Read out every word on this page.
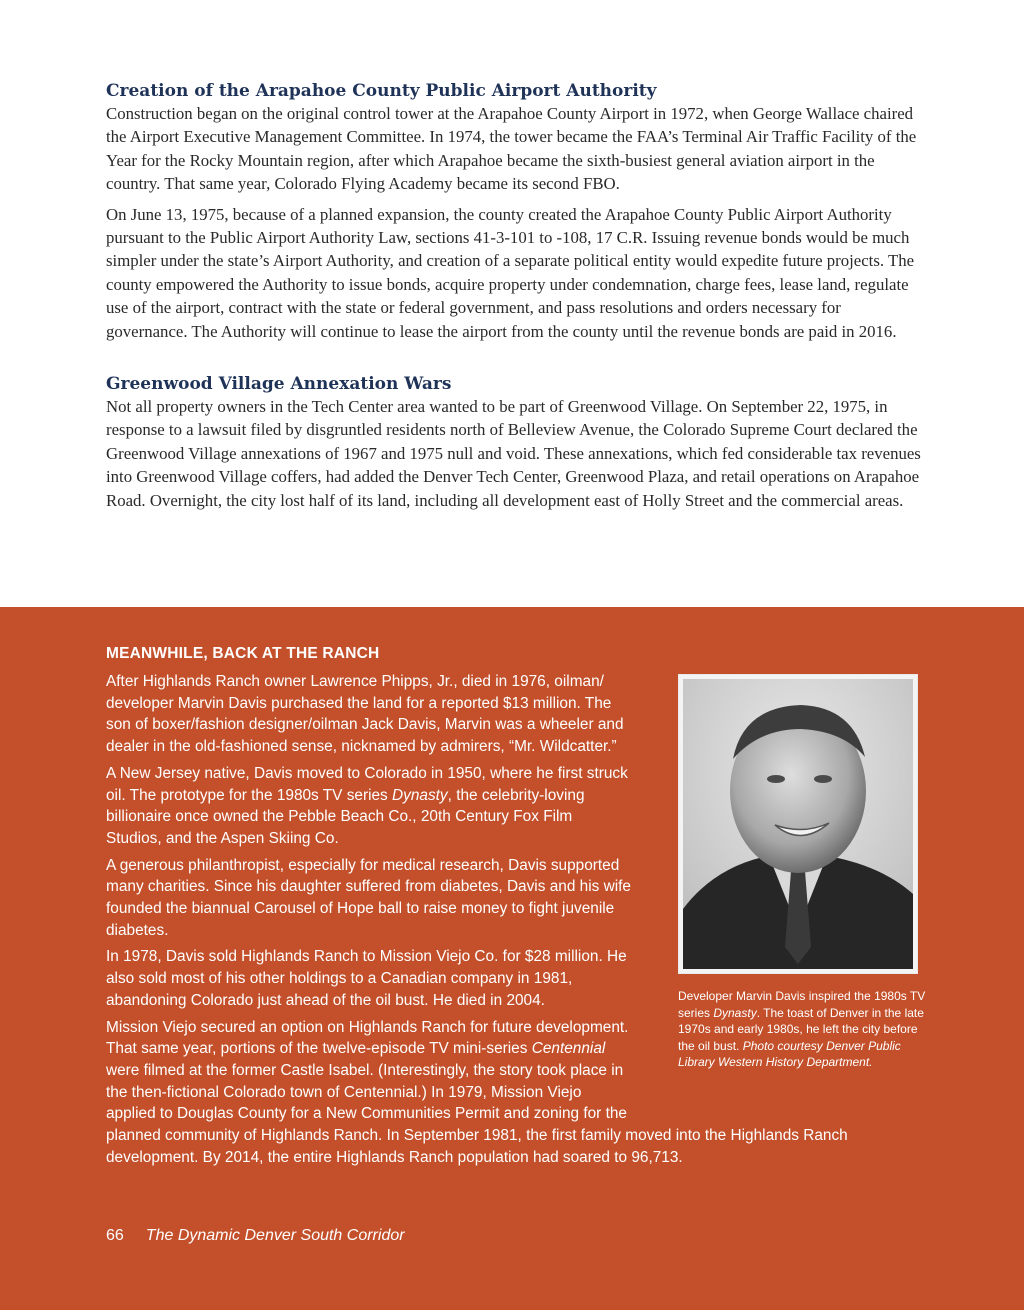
Creation of the Arapahoe County Public Airport Authority

Construction began on the original control tower at the Arapahoe County Airport in 1972, when George Wallace chaired the Airport Executive Management Committee. In 1974, the tower became the FAA’s Terminal Air Traffic Facility of the Year for the Rocky Mountain region, after which Arapahoe became the sixth-busiest general aviation airport in the country. That same year, Colorado Flying Academy became its second FBO.

On June 13, 1975, because of a planned expansion, the county created the Arapahoe County Public Airport Authority pursuant to the Public Airport Authority Law, sections 41-3-101 to -108, 17 C.R. Issuing revenue bonds would be much simpler under the state’s Airport Authority, and creation of a separate political entity would expedite future projects. The county empowered the Authority to issue bonds, acquire property under condemnation, charge fees, lease land, regulate use of the airport, contract with the state or federal government, and pass resolutions and orders necessary for governance. The Authority will continue to lease the airport from the county until the revenue bonds are paid in 2016.

Greenwood Village Annexation Wars

Not all property owners in the Tech Center area wanted to be part of Greenwood Village. On September 22, 1975, in response to a lawsuit filed by disgruntled residents north of Belleview Avenue, the Colorado Supreme Court declared the Greenwood Village annexations of 1967 and 1975 null and void. These annexations, which fed considerable tax revenues into Greenwood Village coffers, had added the Denver Tech Center, Greenwood Plaza, and retail operations on Arapahoe Road. Overnight, the city lost half of its land, including all development east of Holly Street and the commercial areas.

MEANWHILE, BACK AT THE RANCH

After Highlands Ranch owner Lawrence Phipps, Jr., died in 1976, oilman/ developer Marvin Davis purchased the land for a reported $13 million. The son of boxer/fashion designer/oilman Jack Davis, Marvin was a wheeler and dealer in the old-fashioned sense, nicknamed by admirers, “Mr. Wildcatter.”

A New Jersey native, Davis moved to Colorado in 1950, where he first struck oil. The prototype for the 1980s TV series Dynasty, the celebrity-loving billionaire once owned the Pebble Beach Co., 20th Century Fox Film Studios, and the Aspen Skiing Co.

A generous philanthropist, especially for medical research, Davis supported many charities. Since his daughter suffered from diabetes, Davis and his wife founded the biannual Carousel of Hope ball to raise money to fight juvenile diabetes.

In 1978, Davis sold Highlands Ranch to Mission Viejo Co. for $28 million. He also sold most of his other holdings to a Canadian company in 1981, abandoning Colorado just ahead of the oil bust. He died in 2004.

Mission Viejo secured an option on Highlands Ranch for future development. That same year, portions of the twelve-episode TV mini-series Centennial were filmed at the former Castle Isabel. (Interestingly, the story took place in the then-fictional Colorado town of Centennial.) In 1979, Mission Viejo applied to Douglas County for a New Communities Permit and zoning for the planned community of Highlands Ranch. In September 1981, the first family moved into the Highlands Ranch development. By 2014, the entire Highlands Ranch population had soared to 96,713.

Developer Marvin Davis inspired the 1980s TV series Dynasty. The toast of Denver in the late 1970s and early 1980s, he left the city before the oil bust. Photo courtesy Denver Public Library Western History Department.

66 The Dynamic Denver South Corridor
